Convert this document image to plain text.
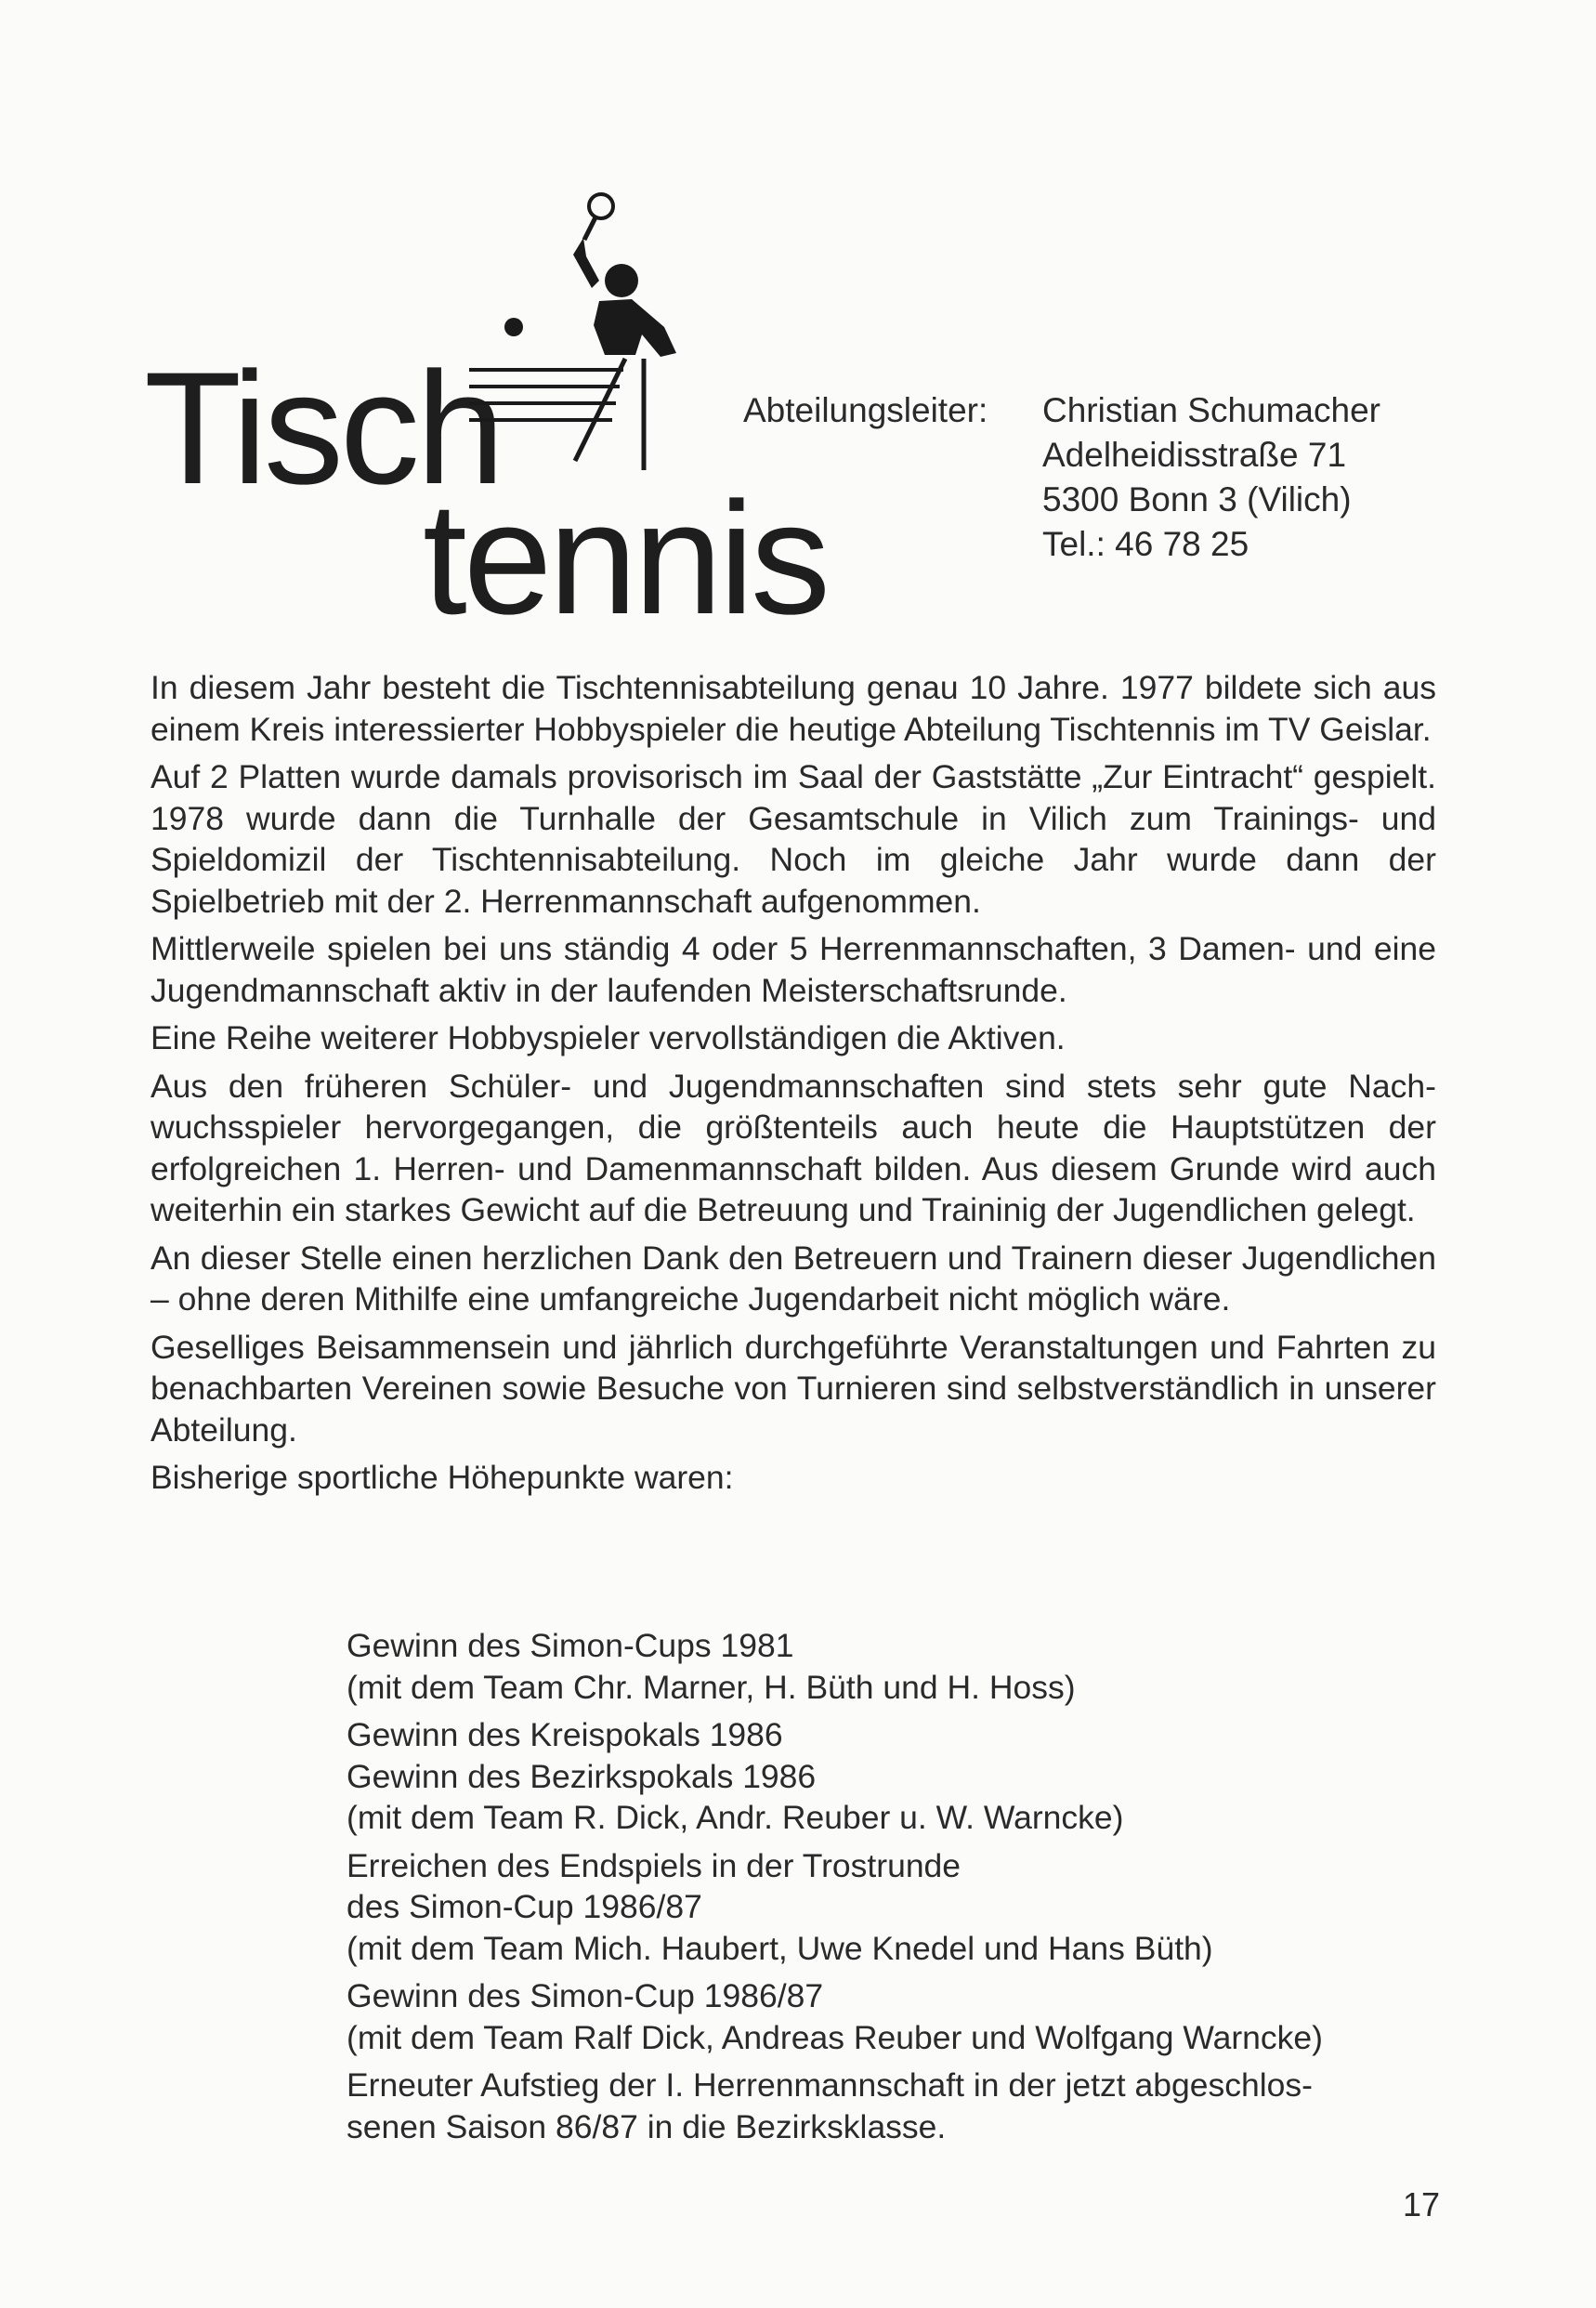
Tisch
tennis
Abteilungsleiter:	Christian Schumacher
Adelheidisstraße 71
5300 Bonn 3 (Vilich)
Tel.: 46 78 25

In diesem Jahr besteht die Tischtennisabteilung genau 10 Jahre. 1977 bildete sich aus einem Kreis interessierter Hobbyspieler die heutige Abteilung Tischtennis im TV Geislar.

Auf 2 Platten wurde damals provisorisch im Saal der Gaststätte „Zur Eintracht“ gespielt. 1978 wurde dann die Turnhalle der Gesamtschule in Vilich zum Trainings- und Spieldomizil der Tischtennisabteilung. Noch im gleiche Jahr wurde dann der Spielbetrieb mit der 2. Herrenmannschaft aufgenommen.

Mittlerweile spielen bei uns ständig 4 oder 5 Herrenmannschaften, 3 Damen- und eine Jugendmannschaft aktiv in der laufenden Meisterschaftsrunde.

Eine Reihe weiterer Hobbyspieler vervollständigen die Aktiven.

Aus den früheren Schüler- und Jugendmannschaften sind stets sehr gute Nachwuchsspieler hervorgegangen, die größtenteils auch heute die Hauptstützen der erfolgreichen 1. Herren- und Damenmannschaft bilden. Aus diesem Grunde wird auch weiterhin ein starkes Gewicht auf die Betreuung und Traininig der Jugendlichen gelegt.

An dieser Stelle einen herzlichen Dank den Betreuern und Trainern dieser Jugendlichen – ohne deren Mithilfe eine umfangreiche Jugendarbeit nicht möglich wäre.

Geselliges Beisammensein und jährlich durchgeführte Veranstaltungen und Fahrten zu benachbarten Vereinen sowie Besuche von Turnieren sind selbstverständlich in unserer Abteilung.

Bisherige sportliche Höhepunkte waren:

Gewinn des Simon-Cups 1981
(mit dem Team Chr. Marner, H. Büth und H. Hoss)
Gewinn des Kreispokals 1986
Gewinn des Bezirkspokals 1986
(mit dem Team R. Dick, Andr. Reuber u. W. Warncke)
Erreichen des Endspiels in der Trostrunde
des Simon-Cup 1986/87
(mit dem Team Mich. Haubert, Uwe Knedel und Hans Büth)
Gewinn des Simon-Cup 1986/87
(mit dem Team Ralf Dick, Andreas Reuber und Wolfgang Warncke)
Erneuter Aufstieg der I. Herrenmannschaft in der jetzt abgeschlos-
senen Saison 86/87 in die Bezirksklasse.
17
